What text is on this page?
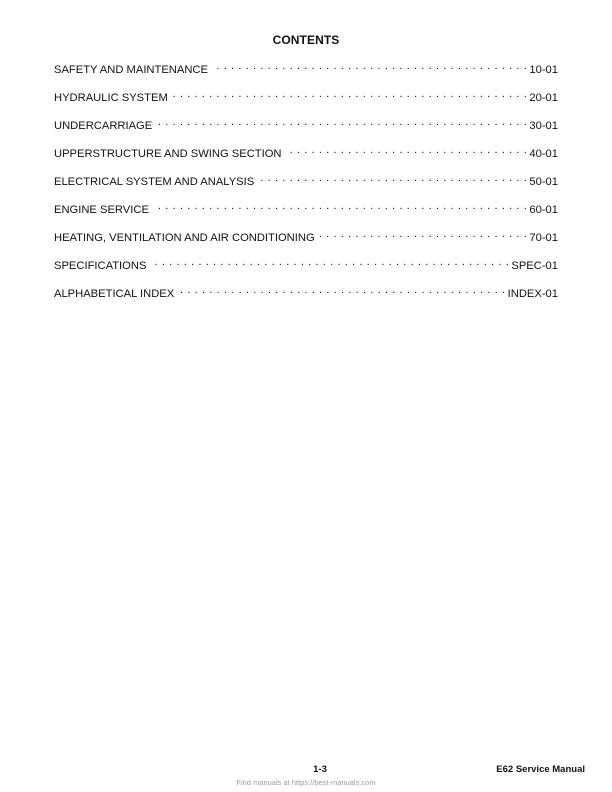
CONTENTS
SAFETY AND MAINTENANCE . . .	10-01
HYDRAULIC SYSTEM . . .	20-01
UNDERCARRIAGE . . .	30-01
UPPERSTRUCTURE AND SWING SECTION . . .	40-01
ELECTRICAL SYSTEM AND ANALYSIS . . .	50-01
ENGINE SERVICE . . .	60-01
HEATING, VENTILATION AND AIR CONDITIONING . . .	70-01
SPECIFICATIONS . . .	SPEC-01
ALPHABETICAL INDEX . . .	INDEX-01
1-3	E62 Service Manual
Find manuals at https://best-manuals.com
